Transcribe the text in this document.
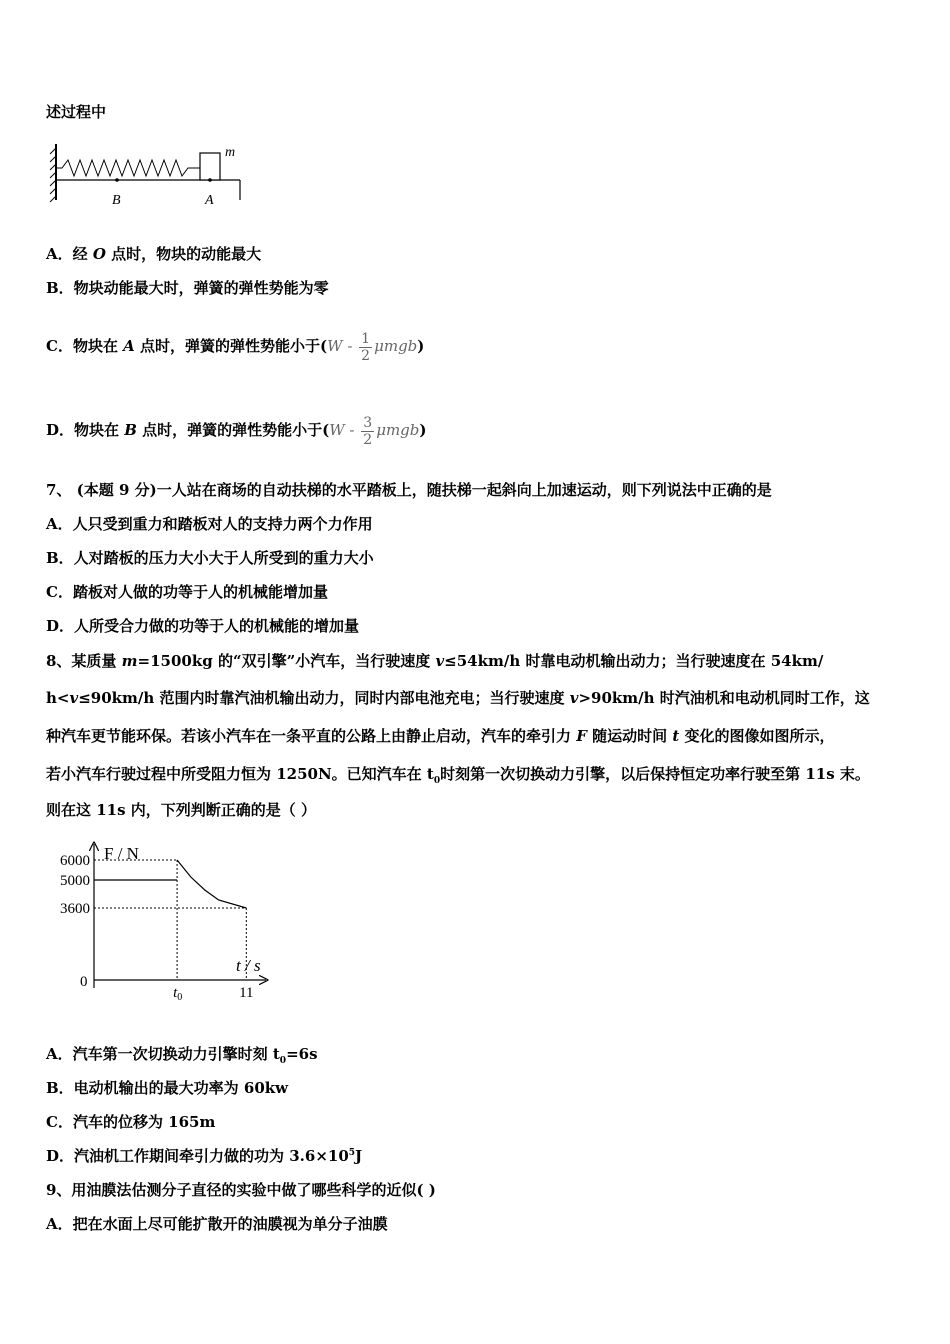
述过程中
m
B	A
A．经 O 点时，物块的动能最大
B．物块动能最大时，弹簧的弹性势能为零
C．物块在 A 点时，弹簧的弹性势能小于$(W - \frac{1}{2} \mu mgb)$
D．物块在 B 点时，弹簧的弹性势能小于$(W - \frac{3}{2} \mu mgb)$
7、 (本题 9 分)一人站在商场的自动扶梯的水平踏板上，随扶梯一起斜向上加速运动，则下列说法中正确的是
A．人只受到重力和踏板对人的支持力两个力作用
B．人对踏板的压力大小大于人所受到的重力大小
C．踏板对人做的功等于人的机械能增加量
D．人所受合力做的功等于人的机械能的增加量
8、某质量 m=1500kg 的“双引擎”小汽车，当行驶速度 v≤54km/h 时靠电动机输出动力；当行驶速度在 54km/
h<v≤90km/h 范围内时靠汽油机输出动力，同时内部电池充电；当行驶速度 v>90km/h 时汽油机和电动机同时工作，这
种汽车更节能环保。若该小汽车在一条平直的公路上由静止启动，汽车的牵引力 F 随运动时间 t 变化的图像如图所示，
若小汽车行驶过程中所受阻力恒为 1250N。已知汽车在 $t_0$时刻第一次切换动力引擎，以后保持恒定功率行驶至第 11s 末。
则在这 11s 内，下列判断正确的是（ ）
F / N
t / s
0
6000
5000
3600
$t_0$	11
A．汽车第一次切换动力引擎时刻 $t_0=6s$
B．电动机输出的最大功率为 60kw
C．汽车的位移为 165m
D．汽油机工作期间牵引力做的功为 $3.6\times 10^5J$
9、用油膜法估测分子直径的实验中做了哪些科学的近似( )
A．把在水面上尽可能扩散开的油膜视为单分子油膜
